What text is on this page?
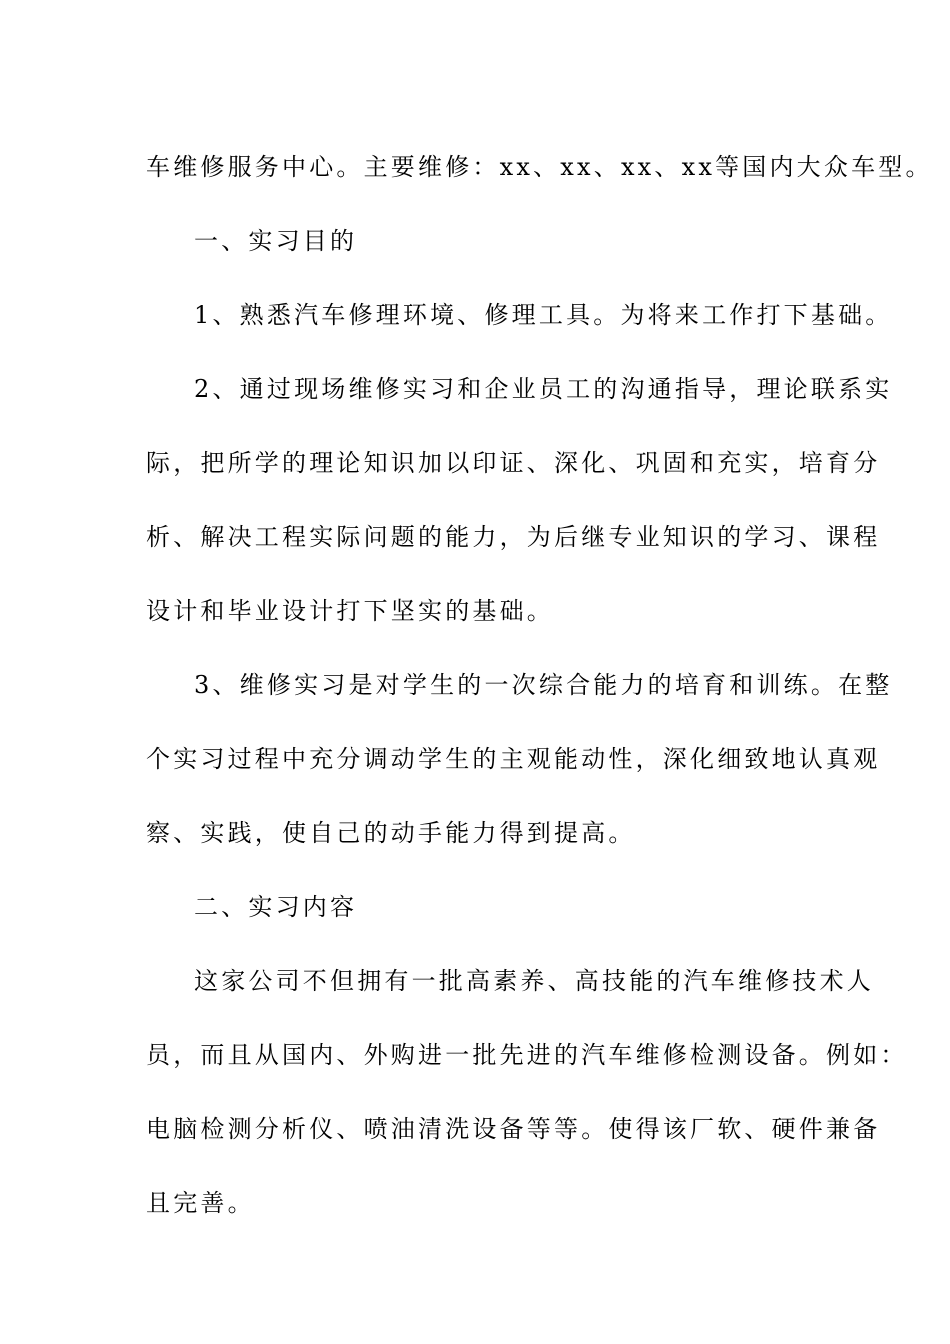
车维修服务中心。主要维修：xx、xx、xx、xx等国内大众车型。

一、实习目的

1、熟悉汽车修理环境、修理工具。为将来工作打下基础。

2、通过现场维修实习和企业员工的沟通指导，理论联系实

际，把所学的理论知识加以印证、深化、巩固和充实，培育分

析、解决工程实际问题的能力，为后继专业知识的学习、课程

设计和毕业设计打下坚实的基础。

3、维修实习是对学生的一次综合能力的培育和训练。在整

个实习过程中充分调动学生的主观能动性，深化细致地认真观

察、实践，使自己的动手能力得到提高。

二、实习内容

这家公司不但拥有一批高素养、高技能的汽车维修技术人

员，而且从国内、外购进一批先进的汽车维修检测设备。例如：

电脑检测分析仪、喷油清洗设备等等。使得该厂软、硬件兼备

且完善。
